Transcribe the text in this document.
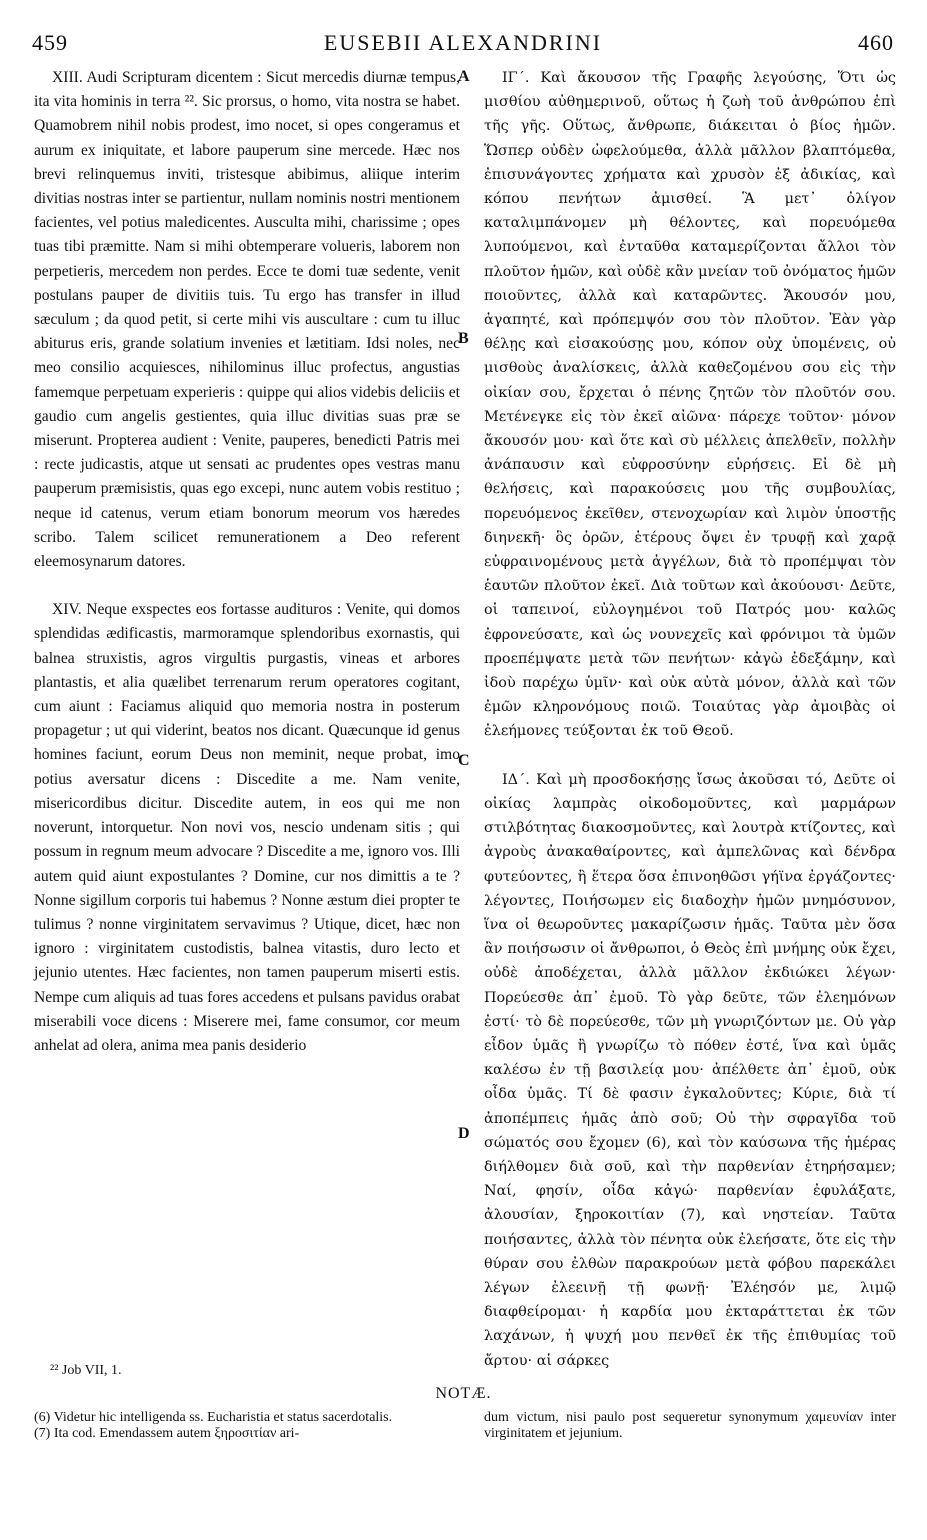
459	EUSEBII ALEXANDRINI	460

XIII. Audi Scripturam dicentem : Sicut mercedis diurnæ tempus, ita vita hominis in terra ²². Sic prorsus, o homo, vita nostra se habet. Quamobrem nihil nobis prodest, imo nocet, si opes congeramus et aurum ex iniquitate, et labore pauperum sine mercede. Hæc nos brevi relinquemus inviti, tristesque abibimus, aliique interim divitias nostras inter se partientur, nullam nominis nostri mentionem facientes, vel potius maledicentes. Ausculta mihi, charissime ; opes tuas tibi præmitte. Nam si mihi obtemperare volueris, laborem non perpetieris, mercedem non perdes. Ecce te domi tuæ sedente, venit postulans pauper de divitiis tuis. Tu ergo has transfer in illud sæculum ; da quod petit, si certe mihi vis auscultare : cum tu illuc abiturus eris, grande solatium invenies et lætitiam. Idsi noles, nec meo consilio acquiesces, nihilominus illuc profectus, angustias famemque perpetuam experieris : quippe qui alios videbis deliciis et gaudio cum angelis gestientes, quia illuc divitias suas præ se miserunt. Propterea audient : Venite, pauperes, benedicti Patris mei : recte judicastis, atque ut sensati ac prudentes opes vestras manu pauperum præmisistis, quas ego excepi, nunc autem vobis restituo ; neque id catenus, verum etiam bonorum meorum vos hæredes scribo. Talem scilicet remunerationem a Deo referent eleemosynarum datores.

XIV. Neque exspectes eos fortasse audituros : Venite, qui domos splendidas ædificastis, marmoramque splendoribus exornastis, qui balnea struxistis, agros virgultis purgastis, vineas et arbores plantastis, et alia quælibet terrenarum rerum operatores cogitant, cum aiunt : Faciamus aliquid quo memoria nostra in posterum propagetur ; ut qui viderint, beatos nos dicant. Quæcunque id genus homines faciunt, eorum Deus non meminit, neque probat, imo potius aversatur dicens : Discedite a me. Nam venite, misericordibus dicitur. Discedite autem, in eos qui me non noverunt, intorquetur. Non novi vos, nescio undenam sitis ; qui possum in regnum meum advocare ? Discedite a me, ignoro vos. Illi autem quid aiunt expostulantes ? Domine, cur nos dimittis a te ? Nonne sigillum corporis tui habemus ? Nonne æstum diei propter te tulimus ? nonne virginitatem servavimus ? Utique, dicet, hæc non ignoro : virginitatem custodistis, balnea vitastis, duro lecto et jejunio utentes. Hæc facientes, non tamen pauperum miserti estis. Nempe cum aliquis ad tuas fores accedens et pulsans pavidus orabat miserabili voce dicens : Miserere mei, fame consumor, cor meum anhelat ad olera, anima mea panis desiderio

A
B
C
D

ΙΓ΄. Καὶ ἄκουσον τῆς Γραφῆς λεγούσης, Ὅτι ὡς μισθίου αὐθημερινοῦ, οὕτως ἡ ζωὴ τοῦ ἀνθρώπου ἐπὶ τῆς γῆς. Οὕτως, ἄνθρωπε, διάκειται ὁ βίος ἡμῶν. Ὥσπερ οὐδὲν ὠφελούμεθα, ἀλλὰ μᾶλλον βλαπτόμεθα, ἐπισυνάγοντες χρήματα καὶ χρυσὸν ἐξ ἀδικίας, καὶ κόπου πενήτων ἀμισθεί. Ἃ μετ᾽ ὀλίγον καταλιμπάνομεν μὴ θέλοντες, καὶ πορευόμεθα λυπούμενοι, καὶ ἐνταῦθα καταμερίζονται ἄλλοι τὸν πλοῦτον ἡμῶν, καὶ οὐδὲ κἂν μνείαν τοῦ ὀνόματος ἡμῶν ποιοῦντες, ἀλλὰ καὶ καταρῶντες. Ἄκουσόν μου, ἀγαπητέ, καὶ πρόπεμψόν σου τὸν πλοῦτον. Ἐὰν γὰρ θέλῃς καὶ εἰσακούσῃς μου, κόπον οὐχ ὑπομένεις, οὐ μισθοὺς ἀναλίσκεις, ἀλλὰ καθεζομένου σου εἰς τὴν οἰκίαν σου, ἔρχεται ὁ πένης ζητῶν τὸν πλοῦτόν σου. Μετένεγκε εἰς τὸν ἐκεῖ αἰῶνα· πάρεχε τοῦτον· μόνον ἄκουσόν μου· καὶ ὅτε καὶ σὺ μέλλεις ἀπελθεῖν, πολλὴν ἀνάπαυσιν καὶ εὐφροσύνην εὑρήσεις. Εἰ δὲ μὴ θελήσεις, καὶ παρακούσεις μου τῆς συμβουλίας, πορευόμενος ἐκεῖθεν, στενοχωρίαν καὶ λιμὸν ὑποστῇς διηνεκῆ· ὃς ὁρῶν, ἑτέρους ὄψει ἐν τρυφῇ καὶ χαρᾷ εὐφραινομένους μετὰ ἀγγέλων, διὰ τὸ προπέμψαι τὸν ἑαυτῶν πλοῦτον ἐκεῖ. Διὰ τοῦτων καὶ ἀκούουσι· Δεῦτε, οἱ ταπεινοί, εὐλογημένοι τοῦ Πατρός μου· καλῶς ἐφρονεύσατε, καὶ ὡς νουνεχεῖς καὶ φρόνιμοι τὰ ὑμῶν προεπέμψατε μετὰ τῶν πενήτων· κἀγὼ ἐδεξάμην, καὶ ἰδοὺ παρέχω ὑμῖν· καὶ οὐκ αὐτὰ μόνον, ἀλλὰ καὶ τῶν ἐμῶν κληρονόμους ποιῶ. Τοιαύτας γὰρ ἀμοιβὰς οἱ ἐλεήμονες τεύξονται ἐκ τοῦ Θεοῦ.

ΙΔ΄. Καὶ μὴ προσδοκήσῃς ἴσως ἀκοῦσαι τό, Δεῦτε οἱ οἰκίας λαμπρὰς οἰκοδομοῦντες, καὶ μαρμάρων στιλβότητας διακοσμοῦντες, καὶ λουτρὰ κτίζοντες, καὶ ἀγροὺς ἀνακαθαίροντες, καὶ ἀμπελῶνας καὶ δένδρα φυτεύοντες, ἢ ἕτερα ὅσα ἐπινοηθῶσι γήϊνα ἐργάζοντες· λέγοντες, Ποιήσωμεν εἰς διαδοχὴν ἡμῶν μνημόσυνον, ἵνα οἱ θεωροῦντες μακαρίζωσιν ἡμᾶς. Ταῦτα μὲν ὅσα ἂν ποιήσωσιν οἱ ἄνθρωποι, ὁ Θεὸς ἐπὶ μνήμης οὐκ ἔχει, οὐδὲ ἀποδέχεται, ἀλλὰ μᾶλλον ἐκδιώκει λέγων· Πορεύεσθε ἀπ᾽ ἐμοῦ. Τὸ γὰρ δεῦτε, τῶν ἐλεημόνων ἐστί· τὸ δὲ πορεύεσθε, τῶν μὴ γνωριζόντων με. Οὐ γὰρ εἶδον ὑμᾶς ἢ γνωρίζω τὸ πόθεν ἐστέ, ἵνα καὶ ὑμᾶς καλέσω ἐν τῇ βασιλείᾳ μου· ἀπέλθετε ἀπ᾽ ἐμοῦ, οὐκ οἶδα ὑμᾶς. Τί δὲ φασιν ἐγκαλοῦντες; Κύριε, διὰ τί ἀποπέμπεις ἡμᾶς ἀπὸ σοῦ; Οὐ τὴν σφραγῖδα τοῦ σώματός σου ἔχομεν (6), καὶ τὸν καύσωνα τῆς ἡμέρας διήλθομεν διὰ σοῦ, καὶ τὴν παρθενίαν ἐτηρήσαμεν; Ναί, φησίν, οἶδα κἀγώ· παρθενίαν ἐφυλάξατε, ἀλουσίαν, ξηροκοιτίαν (7), καὶ νηστείαν. Ταῦτα ποιήσαντες, ἀλλὰ τὸν πένητα οὐκ ἐλεήσατε, ὅτε εἰς τὴν θύραν σου ἐλθὼν παρακρούων μετὰ φόβου παρεκάλει λέγων ἐλεεινῇ τῇ φωνῇ· Ἐλέησόν με, λιμῷ διαφθείρομαι· ἡ καρδία μου ἐκταράττεται ἐκ τῶν λαχάνων, ἡ ψυχή μου πενθεῖ ἐκ τῆς ἐπιθυμίας τοῦ ἄρτου· αἱ σάρκες

²² Job VII, 1.
NOTÆ.

(6) Videtur hic intelligenda ss. Eucharistia et status sacerdotalis.

(7) Ita cod. Emendassem autem ξηροσιτίαν ari-

dum victum, nisi paulo post sequeretur synonymum χαμευνίαν inter virginitatem et jejunium.
